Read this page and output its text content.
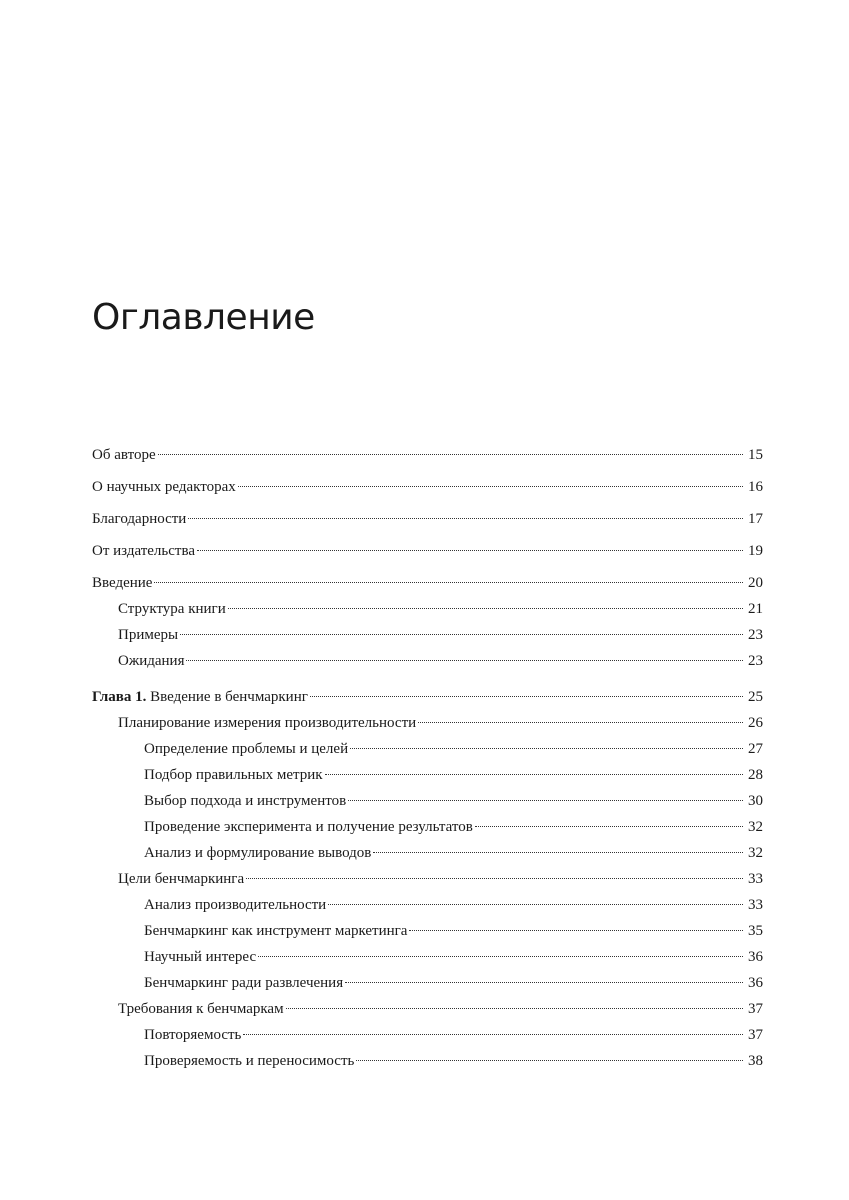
Оглавление
Об авторе	15
О научных редакторах	16
Благодарности	17
От издательства	19
Введение	20
Структура книги	21
Примеры	23
Ожидания	23
Глава 1. Введение в бенчмаркинг	25
Планирование измерения производительности	26
Определение проблемы и целей	27
Подбор правильных метрик	28
Выбор подхода и инструментов	30
Проведение эксперимента и получение результатов	32
Анализ и формулирование выводов	32
Цели бенчмаркинга	33
Анализ производительности	33
Бенчмаркинг как инструмент маркетинга	35
Научный интерес	36
Бенчмаркинг ради развлечения	36
Требования к бенчмаркам	37
Повторяемость	37
Проверяемость и переносимость	38
